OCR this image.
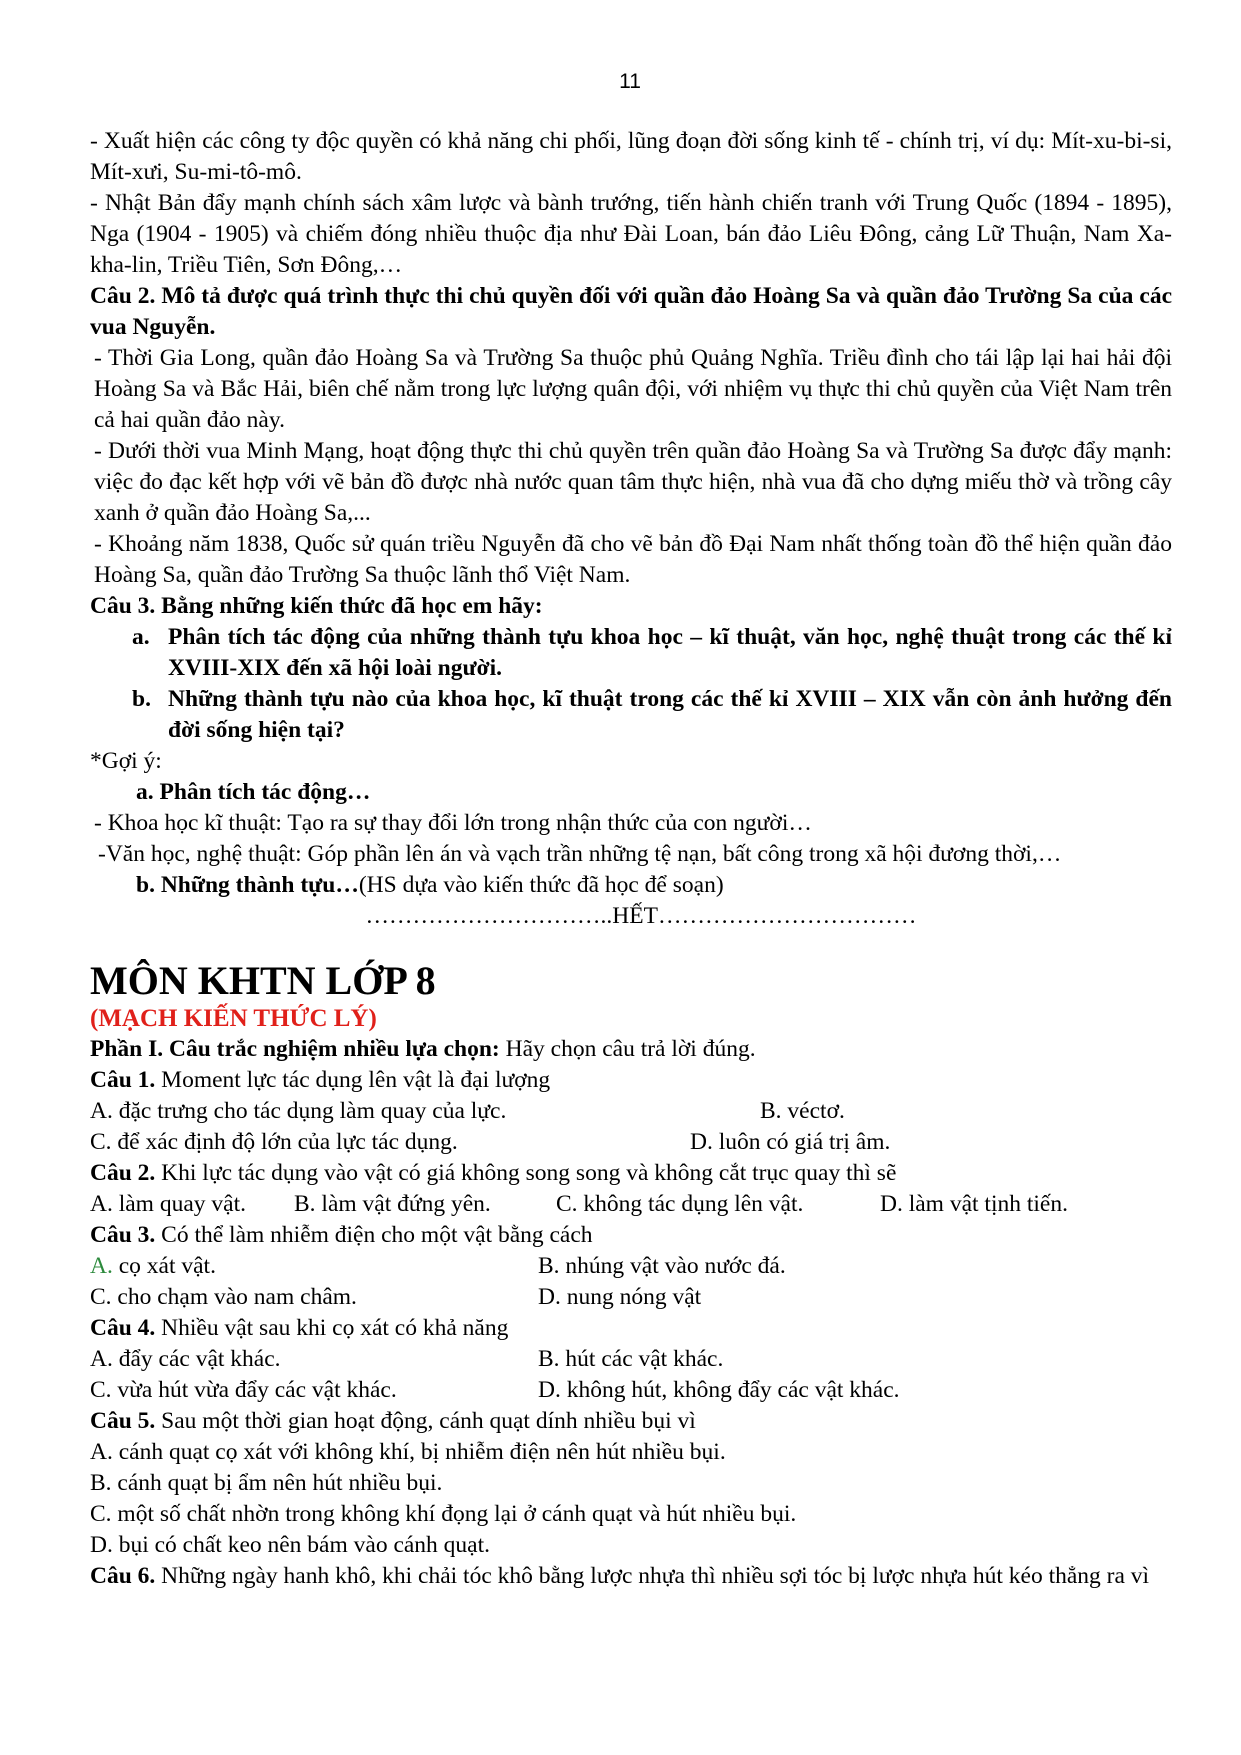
11

- Xuất hiện các công ty độc quyền có khả năng chi phối, lũng đoạn đời sống kinh tế - chính trị, ví dụ: Mít-xu-bi-si, Mít-xưi, Su-mi-tô-mô.

- Nhật Bản đẩy mạnh chính sách xâm lược và bành trướng, tiến hành chiến tranh với Trung Quốc (1894 - 1895), Nga (1904 - 1905) và chiếm đóng nhiều thuộc địa như Đài Loan, bán đảo Liêu Đông, cảng Lữ Thuận, Nam Xa-kha-lin, Triều Tiên, Sơn Đông,…

Câu 2. Mô tả được quá trình thực thi chủ quyền đối với quần đảo Hoàng Sa và quần đảo Trường Sa của các vua Nguyễn.

- Thời Gia Long, quần đảo Hoàng Sa và Trường Sa thuộc phủ Quảng Nghĩa. Triều đình cho tái lập lại hai hải đội Hoàng Sa và Bắc Hải, biên chế nằm trong lực lượng quân đội, với nhiệm vụ thực thi chủ quyền của Việt Nam trên cả hai quần đảo này.

- Dưới thời vua Minh Mạng, hoạt động thực thi chủ quyền trên quần đảo Hoàng Sa và Trường Sa được đẩy mạnh: việc đo đạc kết hợp với vẽ bản đồ được nhà nước quan tâm thực hiện, nhà vua đã cho dựng miếu thờ và trồng cây xanh ở quần đảo Hoàng Sa,...

- Khoảng năm 1838, Quốc sử quán triều Nguyễn đã cho vẽ bản đồ Đại Nam nhất thống toàn đồ thể hiện quần đảo Hoàng Sa, quần đảo Trường Sa thuộc lãnh thổ Việt Nam.

Câu 3. Bằng những kiến thức đã học em hãy:

a. Phân tích tác động của những thành tựu khoa học – kĩ thuật, văn học, nghệ thuật trong các thế kỉ XVIII-XIX đến xã hội loài người.
b. Những thành tựu nào của khoa học, kĩ thuật trong các thế kỉ XVIII – XIX vẫn còn ảnh hưởng đến đời sống hiện tại?

*Gợi ý:

a. Phân tích tác động…

- Khoa học kĩ thuật: Tạo ra sự thay đổi lớn trong nhận thức của con người…

-Văn học, nghệ thuật: Góp phần lên án và vạch trần những tệ nạn, bất công trong xã hội đương thời,…

b. Những thành tựu…(HS dựa vào kiến thức đã học để soạn)

…………………………..HẾT……………………………

MÔN KHTN LỚP 8

(MẠCH KIẾN THỨC LÝ)

Phần I. Câu trắc nghiệm nhiều lựa chọn: Hãy chọn câu trả lời đúng.

Câu 1. Moment lực tác dụng lên vật là đại lượng

A. đặc trưng cho tác dụng làm quay của lực.	B. véctơ.
C. để xác định độ lớn của lực tác dụng.	D. luôn có giá trị âm.

Câu 2. Khi lực tác dụng vào vật có giá không song song và không cắt trục quay thì sẽ

A. làm quay vật.	B. làm vật đứng yên.	C. không tác dụng lên vật.	D. làm vật tịnh tiến.

Câu 3. Có thể làm nhiễm điện cho một vật bằng cách

A. cọ xát vật.	B. nhúng vật vào nước đá.
C. cho chạm vào nam châm.	D. nung nóng vật

Câu 4. Nhiều vật sau khi cọ xát có khả năng

A. đẩy các vật khác.	B. hút các vật khác.
C. vừa hút vừa đẩy các vật khác.	D. không hút, không đẩy các vật khác.

Câu 5. Sau một thời gian hoạt động, cánh quạt dính nhiều bụi vì

A. cánh quạt cọ xát với không khí, bị nhiễm điện nên hút nhiều bụi.

B. cánh quạt bị ẩm nên hút nhiều bụi.

C. một số chất nhờn trong không khí đọng lại ở cánh quạt và hút nhiều bụi.

D. bụi có chất keo nên bám vào cánh quạt.

Câu 6. Những ngày hanh khô, khi chải tóc khô bằng lược nhựa thì nhiều sợi tóc bị lược nhựa hút kéo thẳng ra vì
